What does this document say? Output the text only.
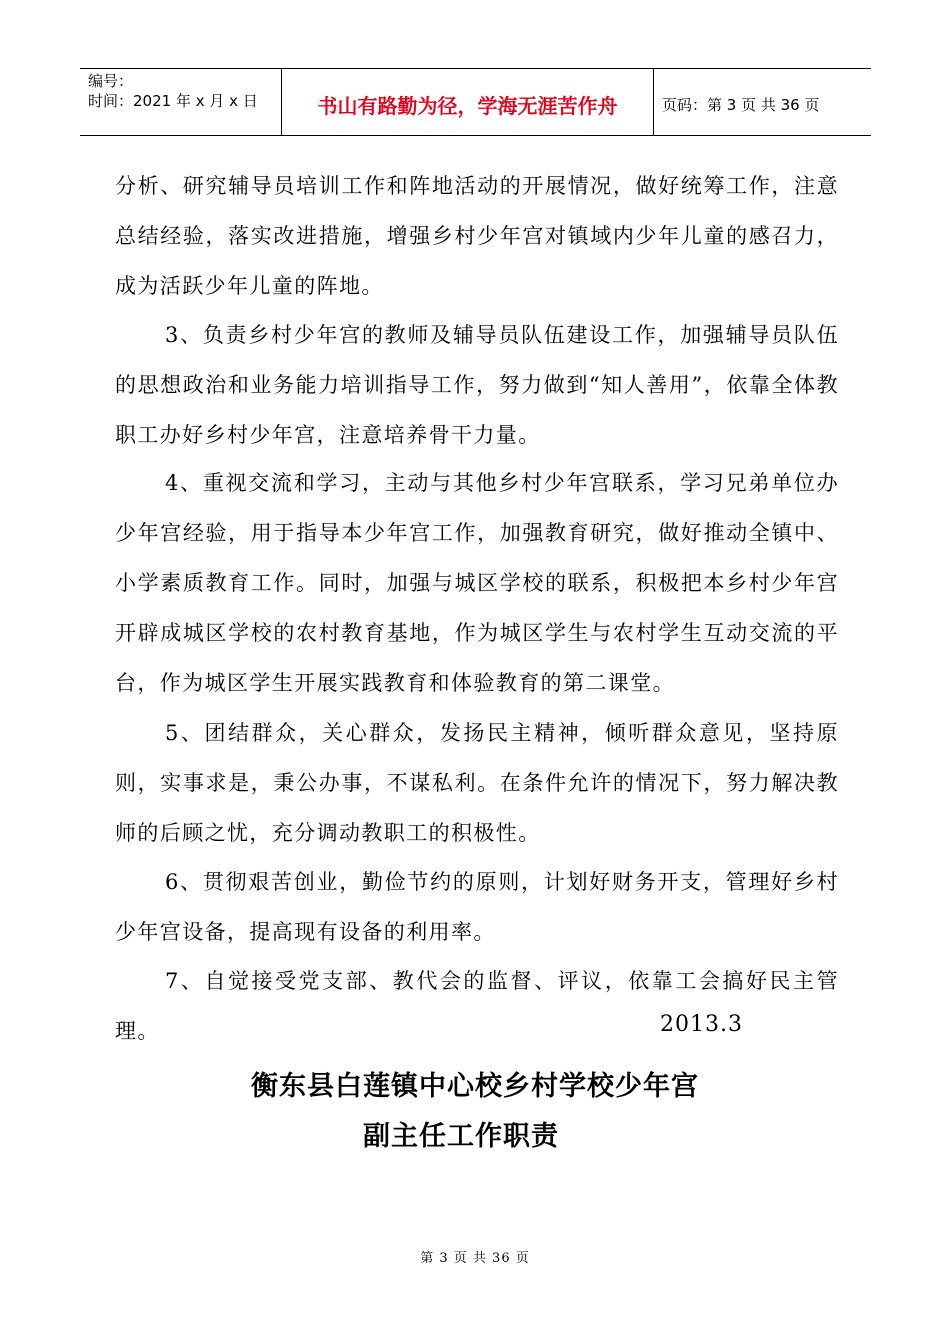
编号：
时间：2021 年 x 月 x 日	书山有路勤为径，学海无涯苦作舟	页码：第 3 页 共 36 页

分析、研究辅导员培训工作和阵地活动的开展情况，做好统筹工作，注意总结经验，落实改进措施，增强乡村少年宫对镇域内少年儿童的感召力，成为活跃少年儿童的阵地。

3、负责乡村少年宫的教师及辅导员队伍建设工作，加强辅导员队伍的思想政治和业务能力培训指导工作，努力做到“知人善用”，依靠全体教职工办好乡村少年宫，注意培养骨干力量。

4、重视交流和学习，主动与其他乡村少年宫联系，学习兄弟单位办少年宫经验，用于指导本少年宫工作，加强教育研究，做好推动全镇中、小学素质教育工作。同时，加强与城区学校的联系，积极把本乡村少年宫开辟成城区学校的农村教育基地，作为城区学生与农村学生互动交流的平台，作为城区学生开展实践教育和体验教育的第二课堂。

5、团结群众，关心群众，发扬民主精神，倾听群众意见，坚持原则，实事求是，秉公办事，不谋私利。在条件允许的情况下，努力解决教师的后顾之忧，充分调动教职工的积极性。

6、贯彻艰苦创业，勤俭节约的原则，计划好财务开支，管理好乡村少年宫设备，提高现有设备的利用率。

7、自觉接受党支部、教代会的监督、评议，依靠工会搞好民主管理。	2013.3
衡东县白莲镇中心校乡村学校少年宫
副主任工作职责
第 3 页 共 36 页
